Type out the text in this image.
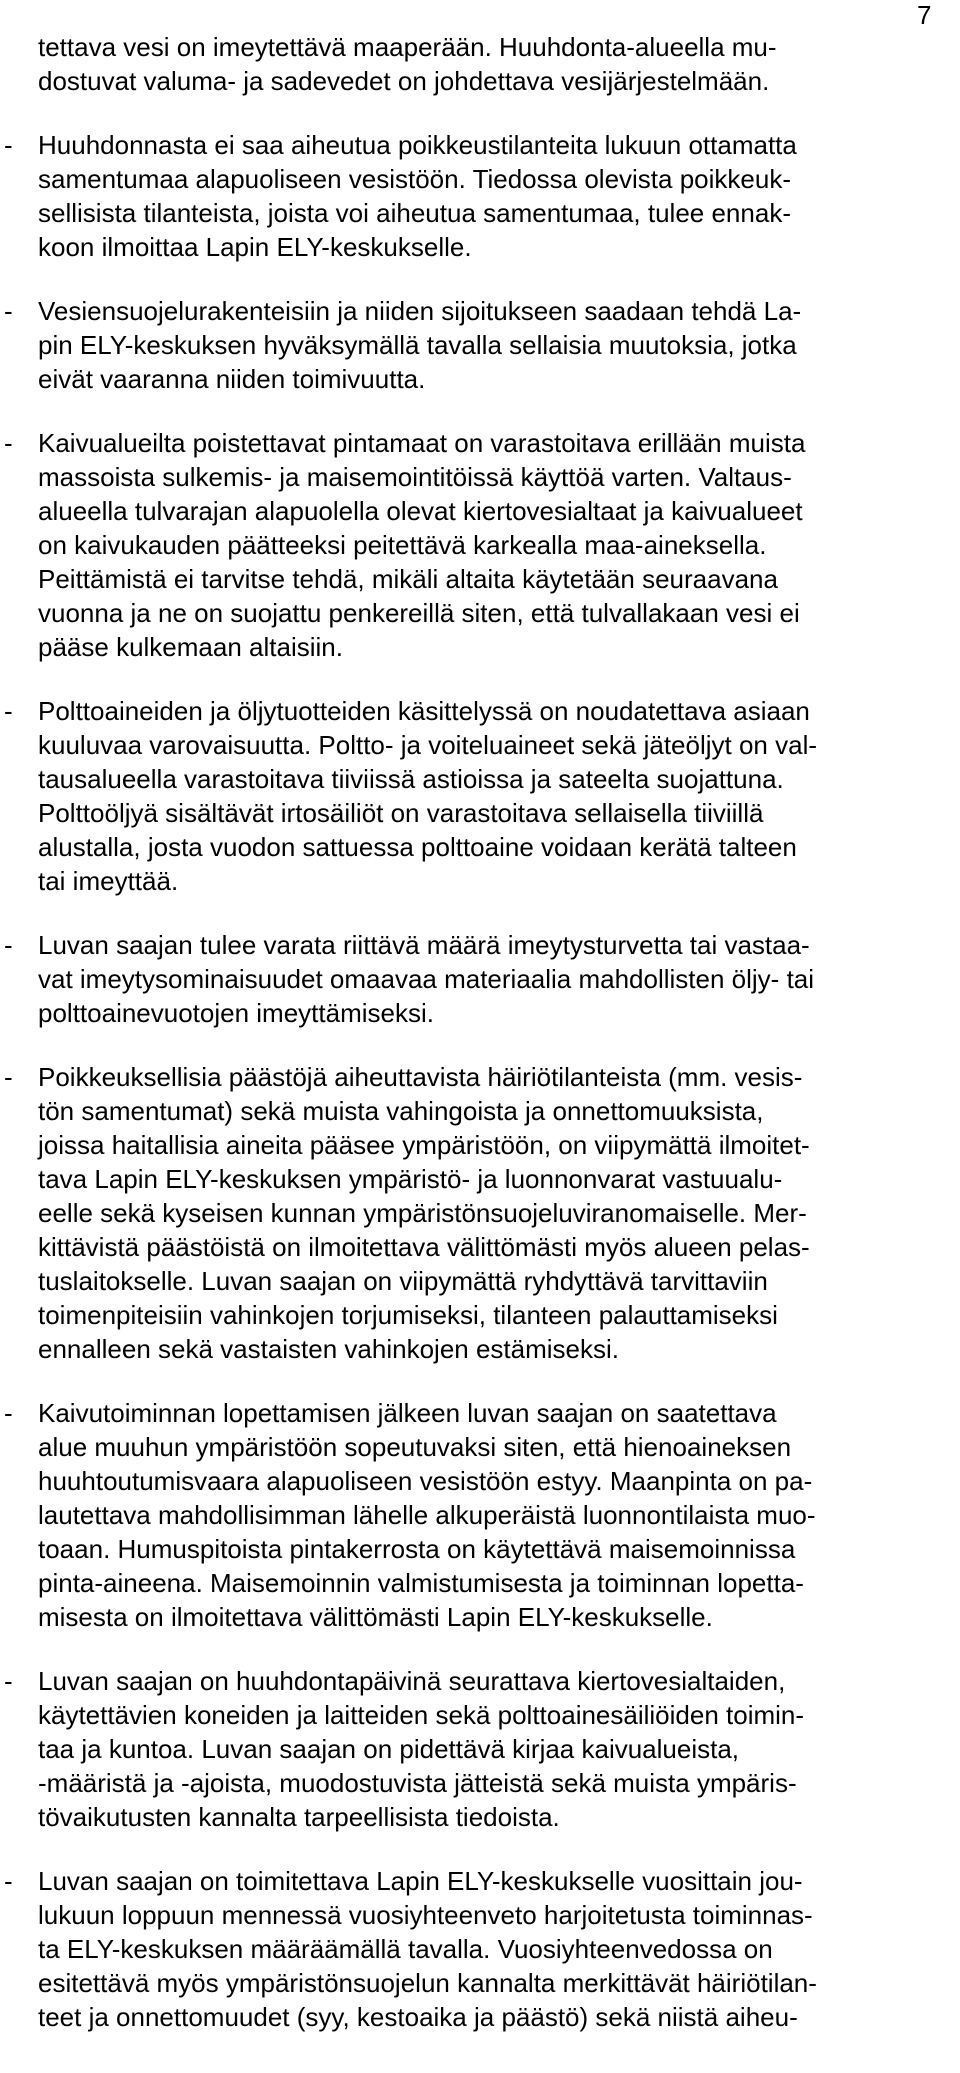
7
tettava vesi on imeytettävä maaperään. Huuhdonta-alueella mu-
dostuvat valuma- ja sadevedet on johdettava vesijärjestelmään.
- Huuhdonnasta ei saa aiheutua poikkeustilanteita lukuun ottamatta
samentumaa alapuoliseen vesistöön. Tiedossa olevista poikkeuk-
sellisista tilanteista, joista voi aiheutua samentumaa, tulee ennak-
koon ilmoittaa Lapin ELY-keskukselle.
- Vesiensuojelurakenteisiin ja niiden sijoitukseen saadaan tehdä La-
pin ELY-keskuksen hyväksymällä tavalla sellaisia muutoksia, jotka
eivät vaaranna niiden toimivuutta.
- Kaivualueilta poistettavat pintamaat on varastoitava erillään muista
massoista sulkemis- ja maisemointitöissä käyttöä varten. Valtaus-
alueella tulvarajan alapuolella olevat kiertovesialtaat ja kaivualueet
on kaivukauden päätteeksi peitettävä karkealla maa-aineksella.
Peittämistä ei tarvitse tehdä, mikäli altaita käytetään seuraavana
vuonna ja ne on suojattu penkereillä siten, että tulvallakaan vesi ei
pääse kulkemaan altaisiin.
- Polttoaineiden ja öljytuotteiden käsittelyssä on noudatettava asiaan
kuuluvaa varovaisuutta. Poltto- ja voiteluaineet sekä jäteöljyt on val-
tausalueella varastoitava tiiviissä astioissa ja sateelta suojattuna.
Polttoöljyä sisältävät irtosäiliöt on varastoitava sellaisella tiiviillä
alustalla, josta vuodon sattuessa polttoaine voidaan kerätä talteen
tai imeyttää.
- Luvan saajan tulee varata riittävä määrä imeytysturvetta tai vastaa-
vat imeytysominaisuudet omaavaa materiaalia mahdollisten öljy- tai
polttoainevuotojen imeyttämiseksi.
- Poikkeuksellisia päästöjä aiheuttavista häiriötilanteista (mm. vesis-
tön samentumat) sekä muista vahingoista ja onnettomuuksista,
joissa haitallisia aineita pääsee ympäristöön, on viipymättä ilmoitet-
tava Lapin ELY-keskuksen ympäristö- ja luonnonvarat vastuualu-
eelle sekä kyseisen kunnan ympäristönsuojeluviranomaiselle. Mer-
kittävistä päästöistä on ilmoitettava välittömästi myös alueen pelas-
tuslaitokselle. Luvan saajan on viipymättä ryhdyttävä tarvittaviin
toimenpiteisiin vahinkojen torjumiseksi, tilanteen palauttamiseksi
ennalleen sekä vastaisten vahinkojen estämiseksi.
- Kaivutoiminnan lopettamisen jälkeen luvan saajan on saatettava
alue muuhun ympäristöön sopeutuvaksi siten, että hienoaineksen
huuhtoutumisvaara alapuoliseen vesistöön estyy. Maanpinta on pa-
lautettava mahdollisimman lähelle alkuperäistä luonnontilaista muo-
toaan. Humuspitoista pintakerrosta on käytettävä maisemoinnissa
pinta-aineena. Maisemoinnin valmistumisesta ja toiminnan lopetta-
misesta on ilmoitettava välittömästi Lapin ELY-keskukselle.
- Luvan saajan on huuhdontapäivinä seurattava kiertovesialtaiden,
käytettävien koneiden ja laitteiden sekä polttoainesäiliöiden toimin-
taa ja kuntoa. Luvan saajan on pidettävä kirjaa kaivualueista,
-määristä ja -ajoista, muodostuvista jätteistä sekä muista ympäris-
tövaikutusten kannalta tarpeellisista tiedoista.
- Luvan saajan on toimitettava Lapin ELY-keskukselle vuosittain jou-
lukuun loppuun mennessä vuosiyhteenveto harjoitetusta toiminnas-
ta ELY-keskuksen määräämällä tavalla. Vuosiyhteenvedossa on
esitettävä myös ympäristönsuojelun kannalta merkittävät häiriötilan-
teet ja onnettomuudet (syy, kestoaika ja päästö) sekä niistä aiheu-
